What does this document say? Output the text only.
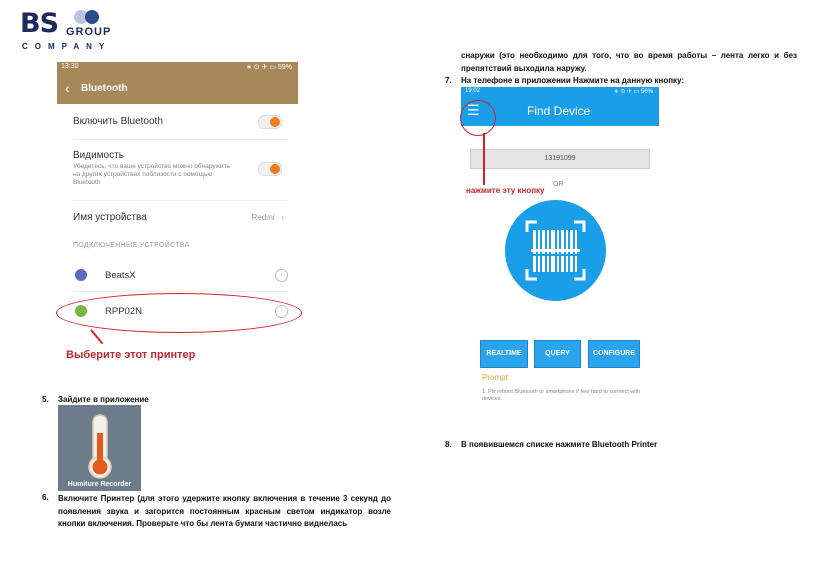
BS GROUP
COMPANY
13:30	∗ ⊙ ✈ ▭ 59%
‹ Bluetooth
Включить Bluetooth
Видимость
Убедитесь, что ваше устройство можно обнаружить на других устройствах поблизости с помощью Bluetooth
Имя устройства	Redmi   ›
ПОДКЛЮЧЕННЫЕ УСТРОЙСТВА
BeatsX	›
RPP02N	›
Выберите этот принтер
5. Зайдите в приложение
Humiture Recorder
6. Включите Принтер (для этого удержите кнопку включения в течение 3 секунд до появления звука и загорится постоянным красным светом индикатор возле кнопки включения. Проверьте что бы лента бумаги частично виднелась
снаружи (это необходимо для того, что во время работы – лента легко и без препятствий выходила наружу.
7. На телефоне в приложении Нажмите на данную кнопку:
19:02	∗ ⊙ ✈ ▭ 56%
☰	Find Device
13191099
OR
REALTIME	QUERY	CONFIGURE
Prompt:
1. Pls reboot Bluetooth or smartphone if feel hard to connect with devices.
нажмите эту кнопку
8. В появившемся списке нажмите Bluetooth Printer
